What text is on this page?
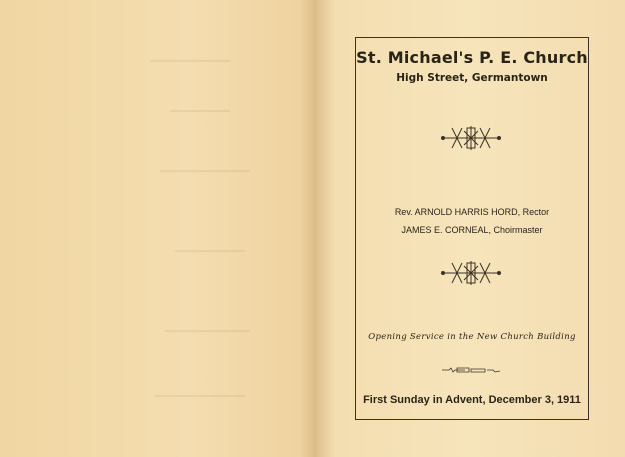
St. Michael's P. E. Church
High Street, Germantown
Rev. ARNOLD HARRIS HORD, Rector
JAMES E. CORNEAL, Choirmaster
Opening Service in the New Church Building
First Sunday in Advent, December 3, 1911
